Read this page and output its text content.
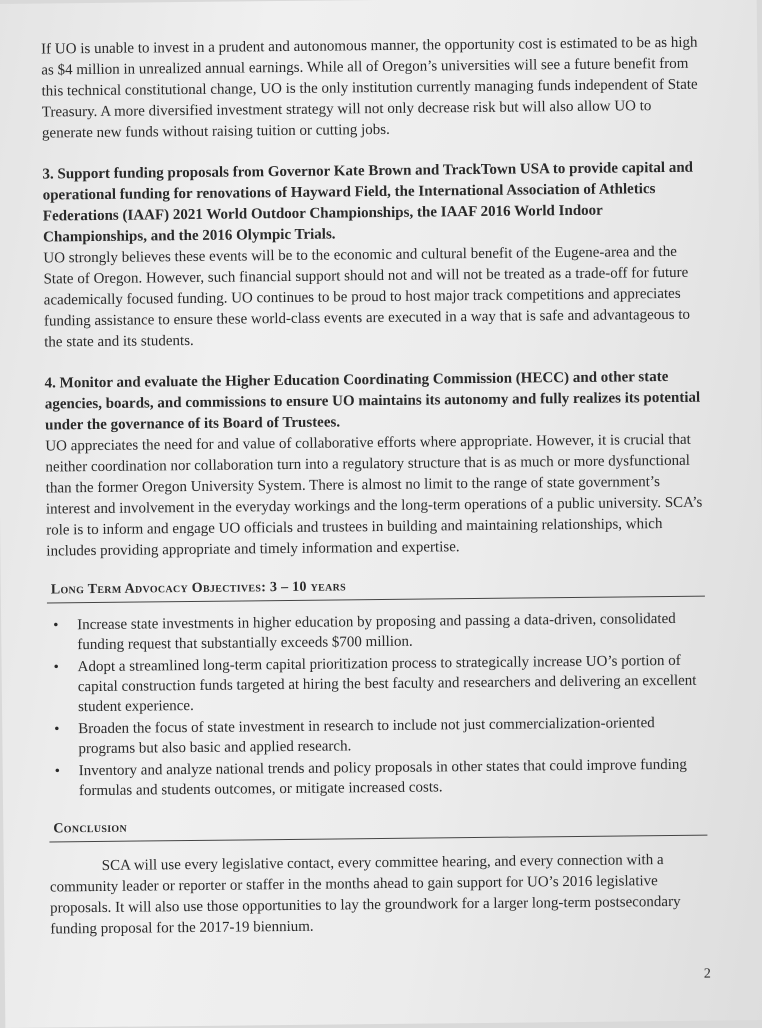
If UO is unable to invest in a prudent and autonomous manner, the opportunity cost is estimated to be as high as $4 million in unrealized annual earnings. While all of Oregon’s universities will see a future benefit from this technical constitutional change, UO is the only institution currently managing funds independent of State Treasury. A more diversified investment strategy will not only decrease risk but will also allow UO to generate new funds without raising tuition or cutting jobs.

3. Support funding proposals from Governor Kate Brown and TrackTown USA to provide capital and operational funding for renovations of Hayward Field, the International Association of Athletics Federations (IAAF) 2021 World Outdoor Championships, the IAAF 2016 World Indoor Championships, and the 2016 Olympic Trials.

UO strongly believes these events will be to the economic and cultural benefit of the Eugene-area and the State of Oregon. However, such financial support should not and will not be treated as a trade-off for future academically focused funding. UO continues to be proud to host major track competitions and appreciates funding assistance to ensure these world-class events are executed in a way that is safe and advantageous to the state and its students.

4. Monitor and evaluate the Higher Education Coordinating Commission (HECC) and other state agencies, boards, and commissions to ensure UO maintains its autonomy and fully realizes its potential under the governance of its Board of Trustees.

UO appreciates the need for and value of collaborative efforts where appropriate. However, it is crucial that neither coordination nor collaboration turn into a regulatory structure that is as much or more dysfunctional than the former Oregon University System. There is almost no limit to the range of state government’s interest and involvement in the everyday workings and the long-term operations of a public university. SCA’s role is to inform and engage UO officials and trustees in building and maintaining relationships, which includes providing appropriate and timely information and expertise.

Long Term Advocacy Objectives: 3 – 10 years
• Increase state investments in higher education by proposing and passing a data-driven, consolidated funding request that substantially exceeds $700 million.
• Adopt a streamlined long-term capital prioritization process to strategically increase UO’s portion of capital construction funds targeted at hiring the best faculty and researchers and delivering an excellent student experience.
• Broaden the focus of state investment in research to include not just commercialization-oriented programs but also basic and applied research.
• Inventory and analyze national trends and policy proposals in other states that could improve funding formulas and students outcomes, or mitigate increased costs.
Conclusion

SCA will use every legislative contact, every committee hearing, and every connection with a community leader or reporter or staffer in the months ahead to gain support for UO’s 2016 legislative proposals. It will also use those opportunities to lay the groundwork for a larger long-term postsecondary funding proposal for the 2017-19 biennium.

2
